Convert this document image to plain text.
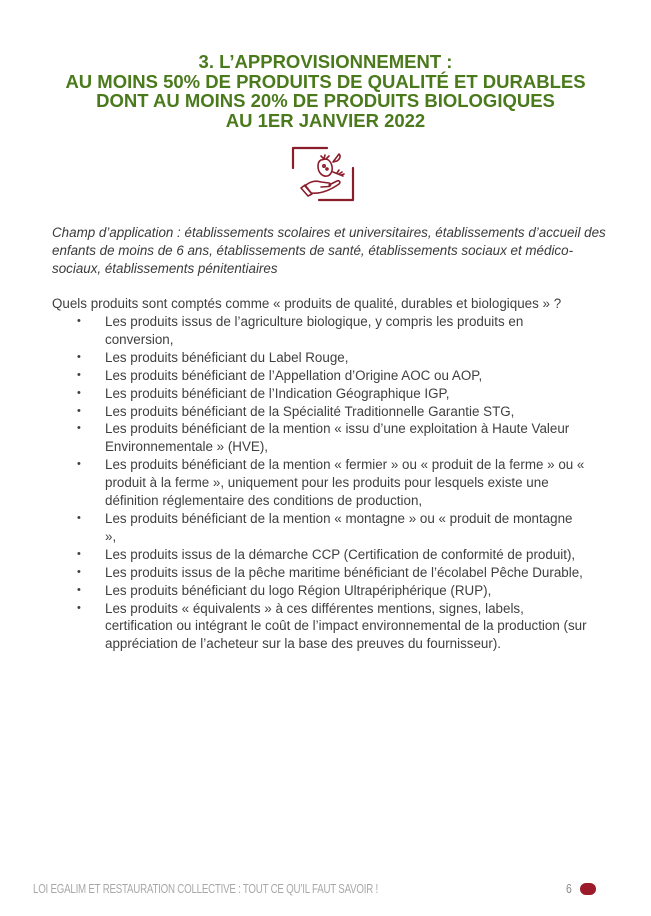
3. L’APPROVISIONNEMENT :
AU MOINS 50% DE PRODUITS DE QUALITÉ ET DURABLES
DONT AU MOINS 20% DE PRODUITS BIOLOGIQUES
AU 1ER JANVIER 2022
Champ d’application : établissements scolaires et universitaires, établissements d’accueil des enfants de moins de 6 ans, établissements de santé, établissements sociaux et médico-sociaux, établissements pénitentiaires
Quels produits sont comptés comme « produits de qualité, durables et biologiques » ?
• Les produits issus de l’agriculture biologique, y compris les produits en conversion,
• Les produits bénéficiant du Label Rouge,
• Les produits bénéficiant de l’Appellation d’Origine AOC ou AOP,
• Les produits bénéficiant de l’Indication Géographique IGP,
• Les produits bénéficiant de la Spécialité Traditionnelle Garantie STG,
• Les produits bénéficiant de la mention « issu d’une exploitation à Haute Valeur Environnementale » (HVE),
• Les produits bénéficiant de la mention « fermier » ou « produit de la ferme » ou « produit à la ferme », uniquement pour les produits pour lesquels existe une définition réglementaire des conditions de production,
• Les produits bénéficiant de la mention « montagne » ou « produit de montagne »,
• Les produits issus de la démarche CCP (Certification de conformité de produit),
• Les produits issus de la pêche maritime bénéficiant de l’écolabel Pêche Durable,
• Les produits bénéficiant du logo Région Ultrapériphérique (RUP),
• Les produits « équivalents » à ces différentes mentions, signes, labels, certification ou intégrant le coût de l’impact environnemental de la production (sur appréciation de l’acheteur sur la base des preuves du fournisseur).
LOI EGALIM ET RESTAURATION COLLECTIVE : TOUT CE QU’IL FAUT SAVOIR !	6
